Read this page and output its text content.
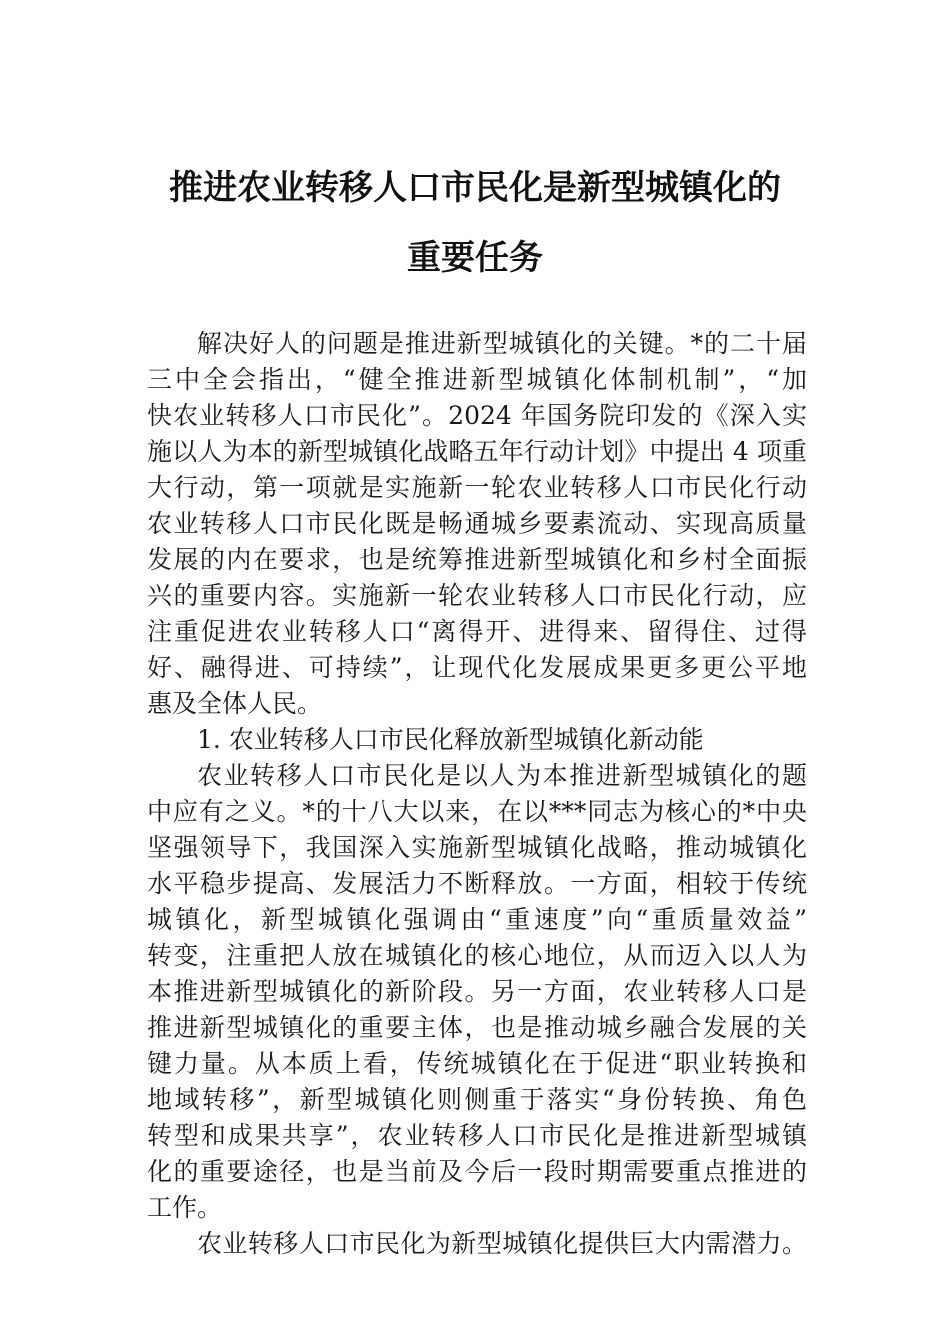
推进农业转移人口市民化是新型城镇化的
重要任务
解决好人的问题是推进新型城镇化的关键。*的二十届
三中全会指出，“健全推进新型城镇化体制机制”，“加
快农业转移人口市民化”。2024 年国务院印发的《深入实
施以人为本的新型城镇化战略五年行动计划》中提出 4 项重
大行动，第一项就是实施新一轮农业转移人口市民化行动
农业转移人口市民化既是畅通城乡要素流动、实现高质量
发展的内在要求，也是统筹推进新型城镇化和乡村全面振
兴的重要内容。实施新一轮农业转移人口市民化行动，应
注重促进农业转移人口“离得开、进得来、留得住、过得
好、融得进、可持续”，让现代化发展成果更多更公平地
惠及全体人民。
1. 农业转移人口市民化释放新型城镇化新动能
农业转移人口市民化是以人为本推进新型城镇化的题
中应有之义。*的十八大以来，在以***同志为核心的*中央
坚强领导下，我国深入实施新型城镇化战略，推动城镇化
水平稳步提高、发展活力不断释放。一方面，相较于传统
城镇化，新型城镇化强调由“重速度”向“重质量效益”
转变，注重把人放在城镇化的核心地位，从而迈入以人为
本推进新型城镇化的新阶段。另一方面，农业转移人口是
推进新型城镇化的重要主体，也是推动城乡融合发展的关
键力量。从本质上看，传统城镇化在于促进“职业转换和
地域转移”，新型城镇化则侧重于落实“身份转换、角色
转型和成果共享”，农业转移人口市民化是推进新型城镇
化的重要途径，也是当前及今后一段时期需要重点推进的
工作。
农业转移人口市民化为新型城镇化提供巨大内需潜力。
